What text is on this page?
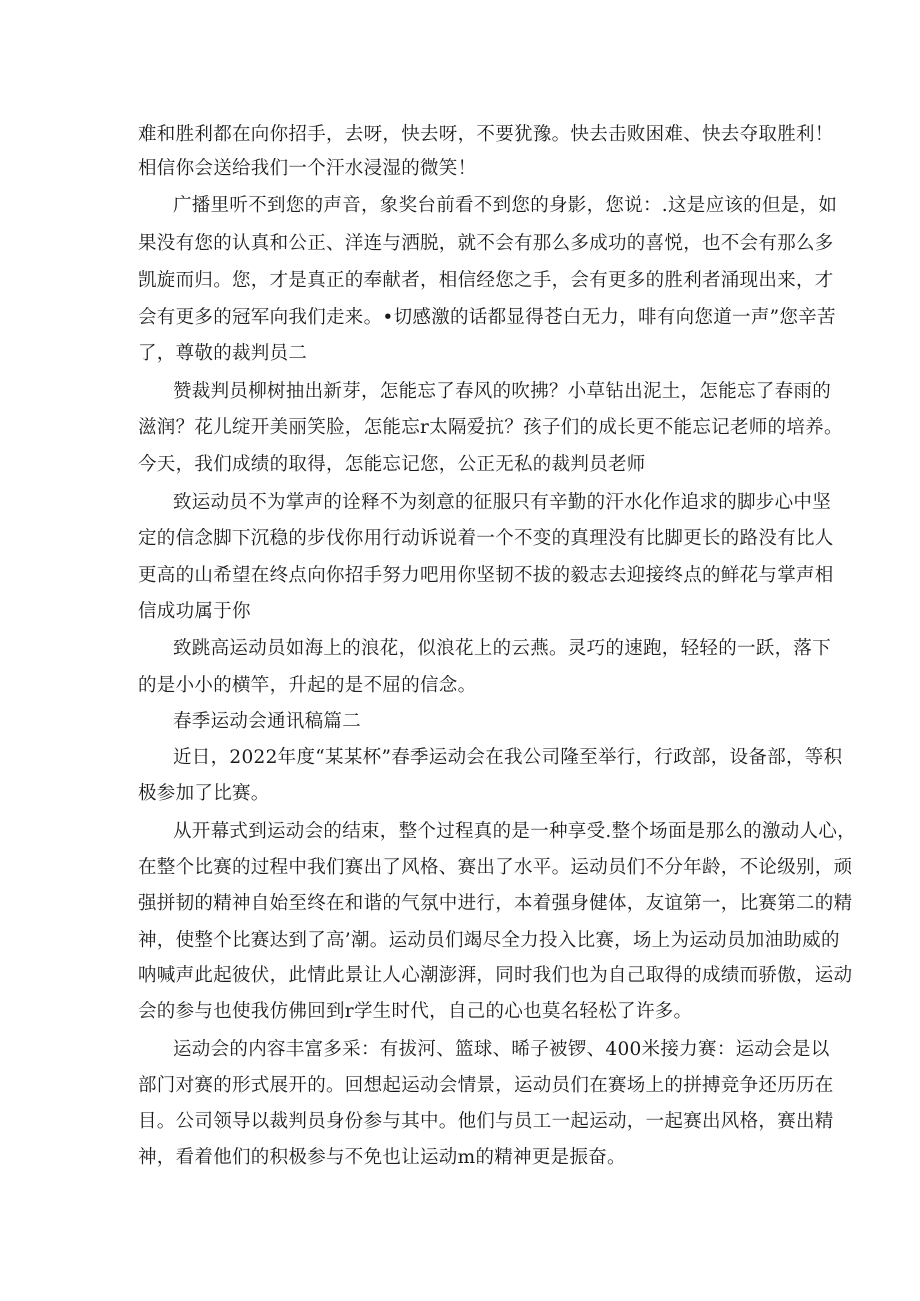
难和胜利都在向你招手，去呀，快去呀，不要犹豫。快去击败困难、快去夺取胜利！
相信你会送给我们一个汗水浸湿的微笑！
广播里听不到您的声音，象奖台前看不到您的身影，您说：.这是应该的但是，如
果没有您的认真和公正、洋连与洒脱，就不会有那么多成功的喜悦，也不会有那么多
凯旋而归。您，才是真正的奉献者，相信经您之手，会有更多的胜利者涌现出来，才
会有更多的冠军向我们走来。•切感激的话都显得苍白无力，啡有向您道一声”您辛苦
了，尊敬的裁判员二
赞裁判员柳树抽出新芽，怎能忘了春风的吹拂？小草钻出泥土，怎能忘了春雨的
滋润？花儿绽开美丽笑脸，怎能忘r太隔爱抗？孩子们的成长更不能忘记老师的培养。
今天，我们成绩的取得，怎能忘记您，公正无私的裁判员老师
致运动员不为掌声的诠释不为刻意的征服只有辛勤的汗水化作追求的脚步心中坚
定的信念脚下沉稳的步伐你用行动诉说着一个不变的真理没有比脚更长的路没有比人
更高的山希望在终点向你招手努力吧用你坚韧不拔的毅志去迎接终点的鲜花与掌声相
信成功属于你
致跳高运动员如海上的浪花，似浪花上的云燕。灵巧的速跑，轻轻的一跃，落下
的是小小的横竿，升起的是不屈的信念。
春季运动会通讯稿篇二
近日，2022年度“某某杯”春季运动会在我公司隆至举行，行政部，设备部，等积
极参加了比赛。
从开幕式到运动会的结束，整个过程真的是一种享受.整个场面是那么的激动人心，
在整个比赛的过程中我们赛出了风格、赛出了水平。运动员们不分年龄，不论级别，顽
强拼韧的精神自始至终在和谐的气氛中进行，本着强身健体，友谊第一，比赛第二的精
神，使整个比赛达到了高’潮。运动员们竭尽全力投入比赛，场上为运动员加油助威的
呐喊声此起彼伏，此情此景让人心潮澎湃，同时我们也为自己取得的成绩而骄傲，运动
会的参与也使我仿佛回到r学生时代，自己的心也莫名轻松了许多。
运动会的内容丰富多采：有拔河、篮球、晞子被锣、400米接力赛：运动会是以
部门对赛的形式展开的。回想起运动会情景，运动员们在赛场上的拼搏竞争还历历在
目。公司领导以裁判员身份参与其中。他们与员工一起运动，一起赛出风格，赛出精
神，看着他们的积极参与不免也让运动m的精神更是振奋。
